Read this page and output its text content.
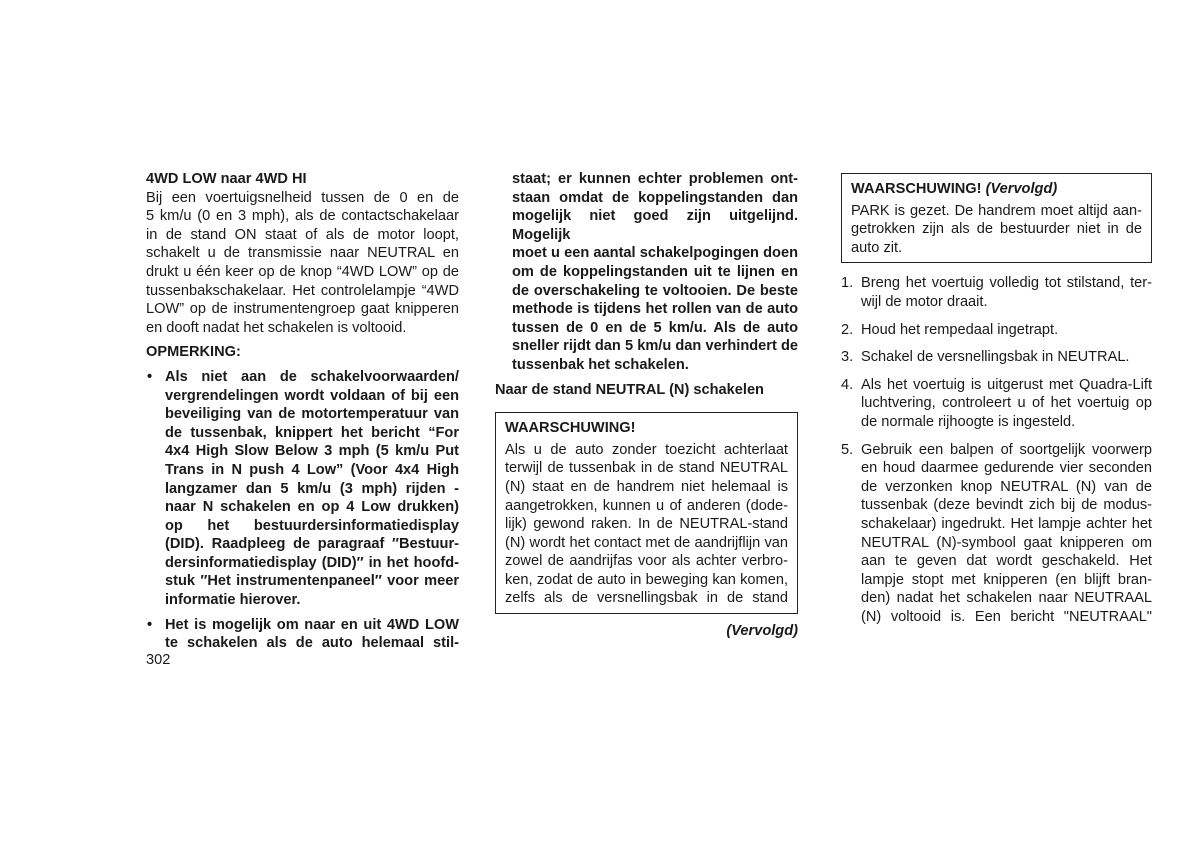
4WD LOW naar 4WD HI
Bij een voertuigsnelheid tussen de 0 en de
5 km/u (0 en 3 mph), als de contactschakelaar
in de stand ON staat of als de motor loopt,
schakelt u de transmissie naar NEUTRAL en
drukt u één keer op de knop “4WD LOW” op de
tussenbakschakelaar. Het controlelampje “4WD
LOW” op de instrumentengroep gaat knipperen
en dooft nadat het schakelen is voltooid.
OPMERKING:
• Als niet aan de schakelvoorwaarden/
vergrendelingen wordt voldaan of bij een
beveiliging van de motortemperatuur van
de tussenbak, knippert het bericht “For
4x4 High Slow Below 3 mph (5 km/u Put
Trans in N push 4 Low” (Voor 4x4 High
langzamer dan 5 km/u (3 mph) rijden -
naar N schakelen en op 4 Low drukken)
op het bestuurdersinformatiedisplay
(DID). Raadpleeg de paragraaf ″Bestuur-
dersinformatiedisplay (DID)″ in het hoofd-
stuk ″Het instrumentenpaneel″ voor meer
informatie hierover.
• Het is mogelijk om naar en uit 4WD LOW
te schakelen als de auto helemaal stil-
staat; er kunnen echter problemen ont-
staan omdat de koppelingstanden dan
mogelijk niet goed zijn uitgelijnd. Mogelijk
moet u een aantal schakelpogingen doen
om de koppelingstanden uit te lijnen en
de overschakeling te voltooien. De beste
methode is tijdens het rollen van de auto
tussen de 0 en de 5 km/u. Als de auto
sneller rijdt dan 5 km/u dan verhindert de
tussenbak het schakelen.
Naar de stand NEUTRAL (N) schakelen
WAARSCHUWING!
Als u de auto zonder toezicht achterlaat
terwijl de tussenbak in de stand NEUTRAL
(N) staat en de handrem niet helemaal is
aangetrokken, kunnen u of anderen (dode-
lijk) gewond raken. In de NEUTRAL-stand
(N) wordt het contact met de aandrijflijn van
zowel de aandrijfas voor als achter verbro-
ken, zodat de auto in beweging kan komen,
zelfs als de versnellingsbak in de stand
(Vervolgd)
WAARSCHUWING! (Vervolgd)
PARK is gezet. De handrem moet altijd aan-
getrokken zijn als de bestuurder niet in de
auto zit.
1. Breng het voertuig volledig tot stilstand, ter-
wijl de motor draait.
2. Houd het rempedaal ingetrapt.
3. Schakel de versnellingsbak in NEUTRAL.
4. Als het voertuig is uitgerust met Quadra-Lift
luchtvering, controleert u of het voertuig op
de normale rijhoogte is ingesteld.
5. Gebruik een balpen of soortgelijk voorwerp
en houd daarmee gedurende vier seconden
de verzonken knop NEUTRAL (N) van de
tussenbak (deze bevindt zich bij de modus-
schakelaar) ingedrukt. Het lampje achter het
NEUTRAL (N)-symbool gaat knipperen om
aan te geven dat wordt geschakeld. Het
lampje stopt met knipperen (en blijft bran-
den) nadat het schakelen naar NEUTRAAL
(N) voltooid is. Een bericht "NEUTRAAL"
302
